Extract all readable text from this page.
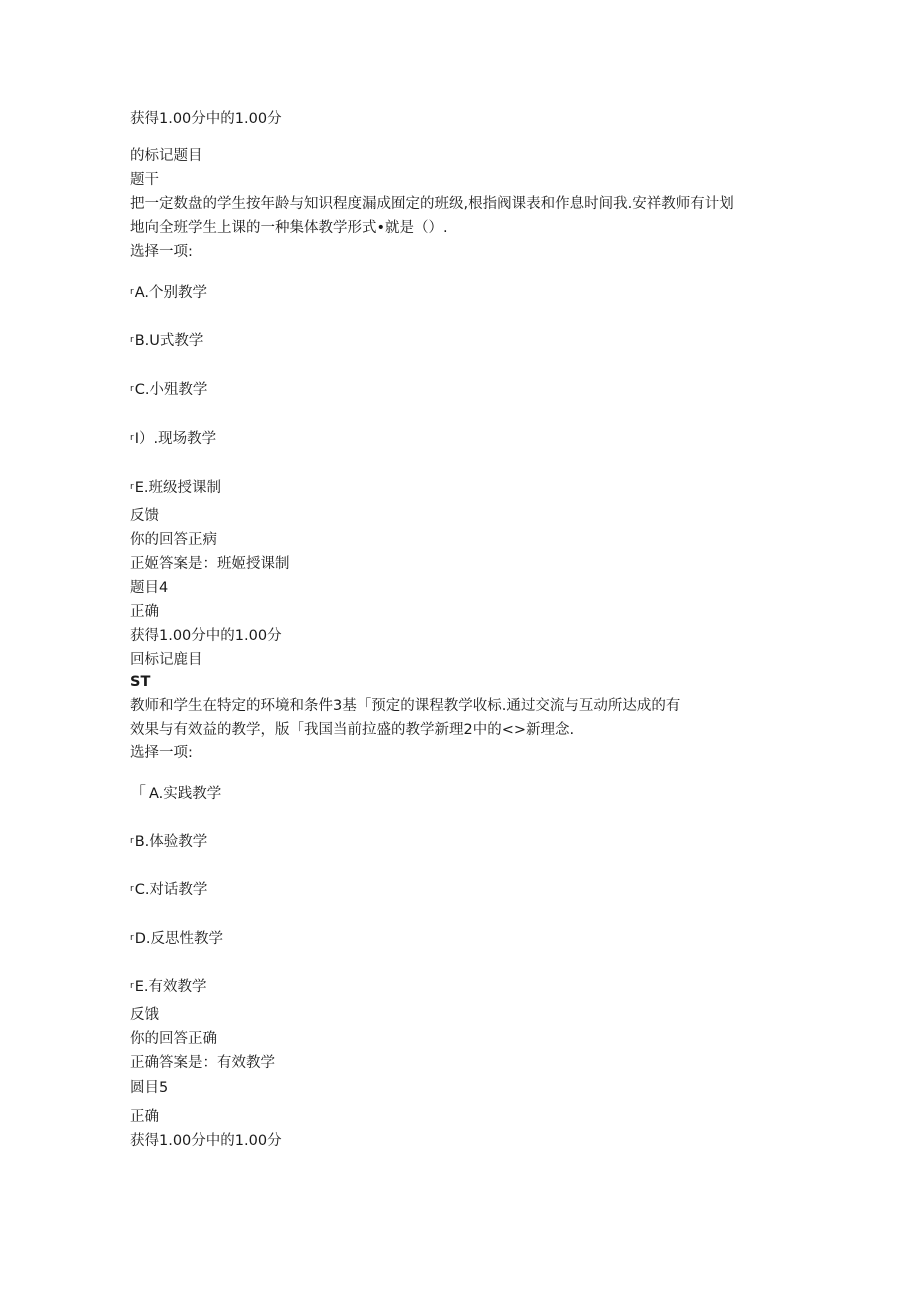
获得1.00分中的1.00分

的标记题目

题干

把一定数盘的学生按年龄与知识程度漏成囿定的班级,根指阀课表和作息时间我.安祥教师有计划

地向全班学生上课的一种集体教学形式•就是（）.

选择一项:

rA.个别教学

rB.U式教学

rC.小殂教学

rI）.现场教学

rE.班级授课制

反馈

你的回答正病

正姬答案是：班姬授课制

题目4

正确

获得1.00分中的1.00分

回标记鹿目

ST

教师和学生在特定的环境和条件3基「预定的课程教学收标.通过交流与互动所达成的有

效果与有效益的教学，版「我国当前拉盛的教学新理2中的<>新理念.

选择一项:

「 A.实践教学

rB.体验教学

rC.对话教学

rD.反思性教学

rE.有效教学

反饿

你的回答正确

正确答案是：有效教学

圆目5

正确

获得1.00分中的1.00分
